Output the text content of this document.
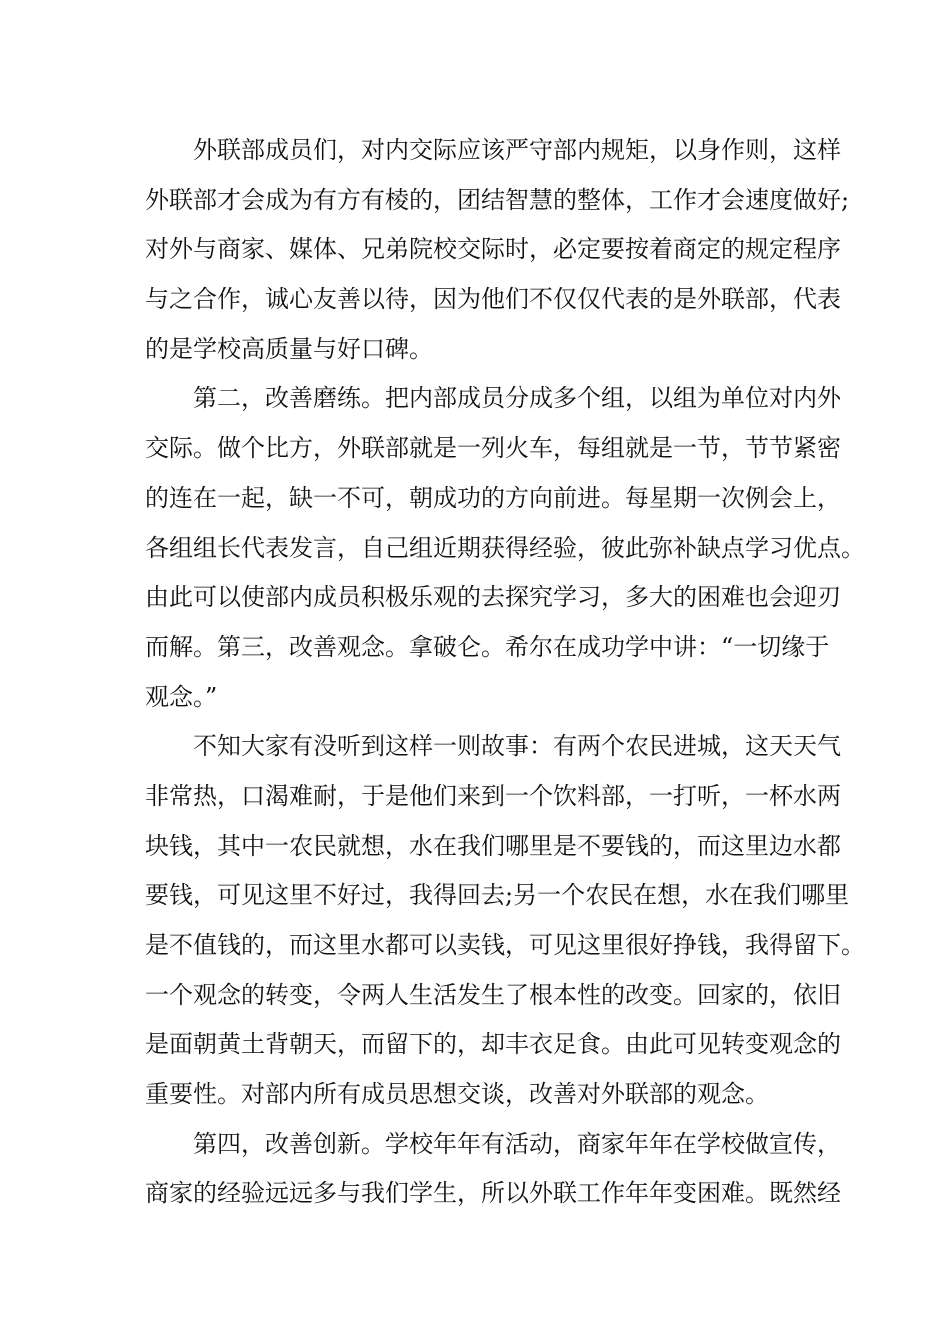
外联部成员们，对内交际应该严守部内规矩，以身作则，这样
外联部才会成为有方有棱的，团结智慧的整体，工作才会速度做好;
对外与商家、媒体、兄弟院校交际时，必定要按着商定的规定程序
与之合作，诚心友善以待，因为他们不仅仅代表的是外联部，代表
的是学校高质量与好口碑。
第二，改善磨练。把内部成员分成多个组，以组为单位对内外
交际。做个比方，外联部就是一列火车，每组就是一节，节节紧密
的连在一起，缺一不可，朝成功的方向前进。每星期一次例会上，
各组组长代表发言，自己组近期获得经验，彼此弥补缺点学习优点。
由此可以使部内成员积极乐观的去探究学习，多大的困难也会迎刃
而解。第三，改善观念。拿破仑。希尔在成功学中讲：“一切缘于
观念。”
不知大家有没听到这样一则故事：有两个农民进城，这天天气
非常热，口渴难耐，于是他们来到一个饮料部，一打听，一杯水两
块钱，其中一农民就想，水在我们哪里是不要钱的，而这里边水都
要钱，可见这里不好过，我得回去;另一个农民在想，水在我们哪里
是不值钱的，而这里水都可以卖钱，可见这里很好挣钱，我得留下。
一个观念的转变，令两人生活发生了根本性的改变。回家的，依旧
是面朝黄土背朝天，而留下的，却丰衣足食。由此可见转变观念的
重要性。对部内所有成员思想交谈，改善对外联部的观念。
第四，改善创新。学校年年有活动，商家年年在学校做宣传，
商家的经验远远多与我们学生，所以外联工作年年变困难。既然经
